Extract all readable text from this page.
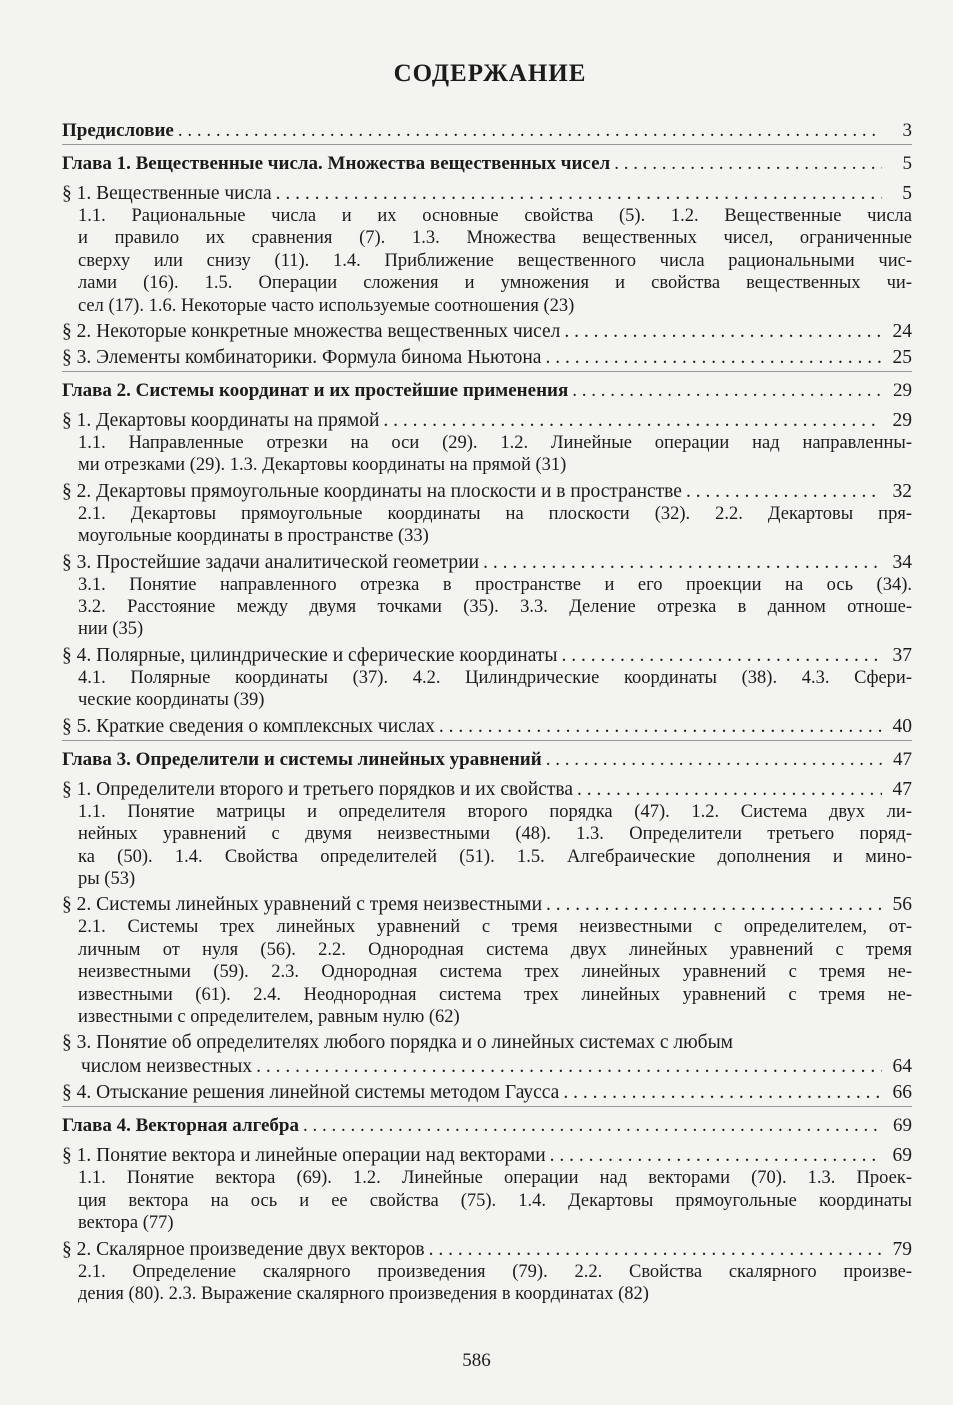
СОДЕРЖАНИЕ
Предисловие . . .	3
Глава 1. Вещественные числа. Множества вещественных чисел . . .	5
§ 1. Вещественные числа . . .	5
1.1. Рациональные числа и их основные свойства (5). 1.2. Вещественные числа
и правило их сравнения (7). 1.3. Множества вещественных чисел, ограниченные
сверху или снизу (11). 1.4. Приближение вещественного числа рациональными чис-
лами (16). 1.5. Операции сложения и умножения и свойства вещественных чи-
сел (17). 1.6. Некоторые часто используемые соотношения (23)
§ 2. Некоторые конкретные множества вещественных чисел . . .	24
§ 3. Элементы комбинаторики. Формула бинома Ньютона . . .	25
Глава 2. Системы координат и их простейшие применения . . .	29
§ 1. Декартовы координаты на прямой . . .	29
1.1. Направленные отрезки на оси (29). 1.2. Линейные операции над направленны-
ми отрезками (29). 1.3. Декартовы координаты на прямой (31)
§ 2. Декартовы прямоугольные координаты на плоскости и в пространстве . . .	32
2.1. Декартовы прямоугольные координаты на плоскости (32). 2.2. Декартовы пря-
моугольные координаты в пространстве (33)
§ 3. Простейшие задачи аналитической геометрии . . .	34
3.1. Понятие направленного отрезка в пространстве и его проекции на ось (34).
3.2. Расстояние между двумя точками (35). 3.3. Деление отрезка в данном отноше-
нии (35)
§ 4. Полярные, цилиндрические и сферические координаты . . .	37
4.1. Полярные координаты (37). 4.2. Цилиндрические координаты (38). 4.3. Сфери-
ческие координаты (39)
§ 5. Краткие сведения о комплексных числах . . .	40
Глава 3. Определители и системы линейных уравнений . . .	47
§ 1. Определители второго и третьего порядков и их свойства . . .	47
1.1. Понятие матрицы и определителя второго порядка (47). 1.2. Система двух ли-
нейных уравнений с двумя неизвестными (48). 1.3. Определители третьего поряд-
ка (50). 1.4. Свойства определителей (51). 1.5. Алгебраические дополнения и мино-
ры (53)
§ 2. Системы линейных уравнений с тремя неизвестными . . .	56
2.1. Системы трех линейных уравнений с тремя неизвестными с определителем, от-
личным от нуля (56). 2.2. Однородная система двух линейных уравнений с тремя
неизвестными (59). 2.3. Однородная система трех линейных уравнений с тремя не-
известными (61). 2.4. Неоднородная система трех линейных уравнений с тремя не-
известными с определителем, равным нулю (62)
§ 3. Понятие об определителях любого порядка и о линейных системах с любым
числом неизвестных . . .	64
§ 4. Отыскание решения линейной системы методом Гаусса . . .	66
Глава 4. Векторная алгебра . . .	69
§ 1. Понятие вектора и линейные операции над векторами . . .	69
1.1. Понятие вектора (69). 1.2. Линейные операции над векторами (70). 1.3. Проек-
ция вектора на ось и ее свойства (75). 1.4. Декартовы прямоугольные координаты
вектора (77)
§ 2. Скалярное произведение двух векторов . . .	79
2.1. Определение скалярного произведения (79). 2.2. Свойства скалярного произве-
дения (80). 2.3. Выражение скалярного произведения в координатах (82)
586
